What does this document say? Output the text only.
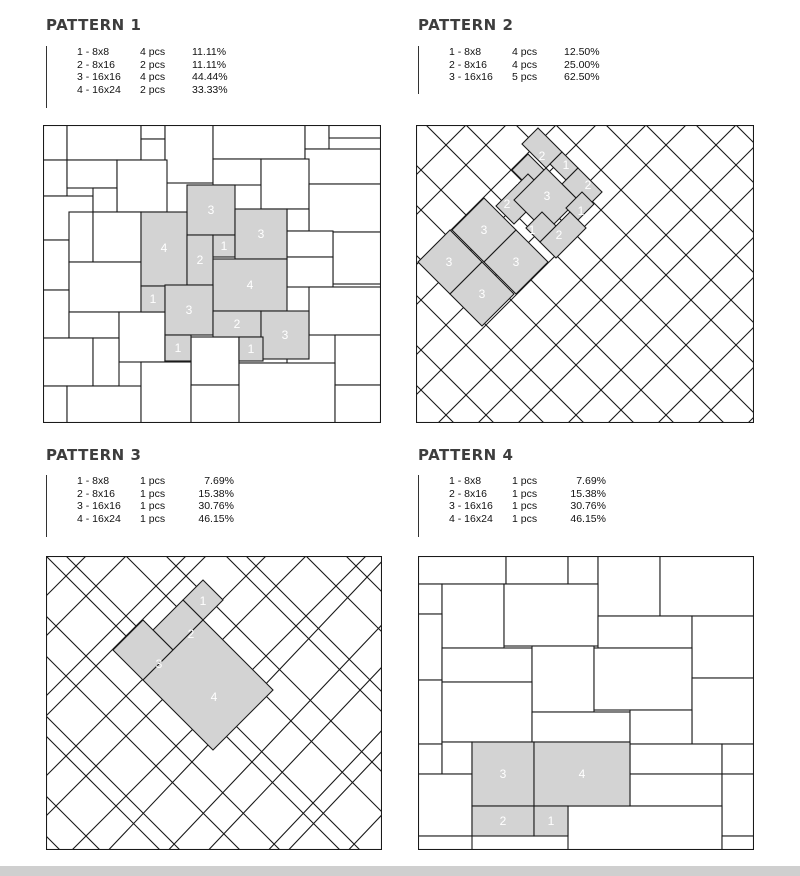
PATTERN 1
1 - 8x8	4 pcs	11.11%
2 - 8x16	2 pcs	11.11%
3 - 16x16	4 pcs	44.44%
4 - 16x24	2 pcs	33.33%
3
4
2
1
3
4
1
3
2
3
1
1
PATTERN 2
1 - 8x8	4 pcs	12.50%
2 - 8x16	4 pcs	25.00%
3 - 16x16	5 pcs	62.50%
2
1
2
1
2
3
1
1 2
3
3
3
3
PATTERN 3
1 - 8x8	1 pcs	7.69%
2 - 8x16	1 pcs	15.38%
3 - 16x16	1 pcs	30.76%
4 - 16x24	1 pcs	46.15%
1
2
3
4
PATTERN 4
1 - 8x8	1 pcs	7.69%
2 - 8x16	1 pcs	15.38%
3 - 16x16	1 pcs	30.76%
4 - 16x24	1 pcs	46.15%
3	4
2	1
